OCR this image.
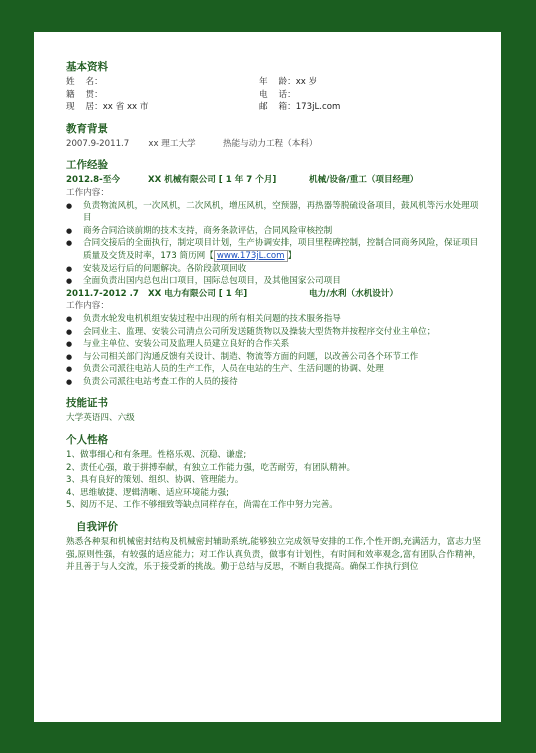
基本资料
姓    名：	年    龄：xx 岁
籍    贯：	电    话：
现    居：xx 省 xx 市	邮    箱：173jL.com
教育背景
2007.9-2011.7 xx 理工大学	热能与动力工程（本科）
工作经验
2012.8-至今	XX 机械有限公司 [ 1 年 7 个月]	机械/设备/重工（项目经理）
工作内容：
● 负责物流风机，一次风机，二次风机，增压风机，空预器，再热器等脱硫设备项目，鼓风机等污水处理项目
● 商务合同洽谈前期的技术支持，商务条款评估，合同风险审核控制
● 合同交接后的全面执行，制定项目计划，生产协调安排，项目里程碑控制，控制合同商务风险，保证项目质量及交货及时率，173 简历网【 www.173jL.com 】
● 安装及运行后的问题解决。各阶段款项回收
● 全面负责出国内总包出口项目，国际总包项目，及其他国家公司项目
2011.7-2012 .7 XX 电力有限公司 [ 1 年]	电力/水利（水机设计）
工作内容：
● 负责水轮发电机机组安装过程中出现的所有相关问题的技术服务指导
● 会同业主、监理、安装公司清点公司所发送随货物以及操装大型货物并按程序交付业主单位；
● 与业主单位、安装公司及监理人员建立良好的合作关系
● 与公司相关部门沟通反馈有关设计、制造、物流等方面的问题，以改善公司各个环节工作
● 负责公司派往电站人员的生产工作，人员在电站的生产、生活问题的协调、处理
● 负责公司派往电站考查工作的人员的接待
技能证书
大学英语四、六级
个人性格
1、做事细心和有条理。性格乐观、沉稳、谦虚;
2、责任心强，敢于拼搏奉献，有独立工作能力强，吃苦耐劳，有团队精神。
3、具有良好的策划、组织、协调、管理能力。
4、思维敏捷、逻辑清晰、适应环境能力强;
5、阅历不足、工作不够细致等缺点同样存在，尚需在工作中努力完善。
自我评价
熟悉各种泵和机械密封结构及机械密封辅助系统,能够独立完成领导安排的工作,个性开朗,充满活力，富志力坚强,原则性强，有较强的适应能力；对工作认真负责，做事有计划性，有时间和效率观念,富有团队合作精神，并且善于与人交流，乐于接受新的挑战。勤于总结与反思，不断自我提高。确保工作执行到位
